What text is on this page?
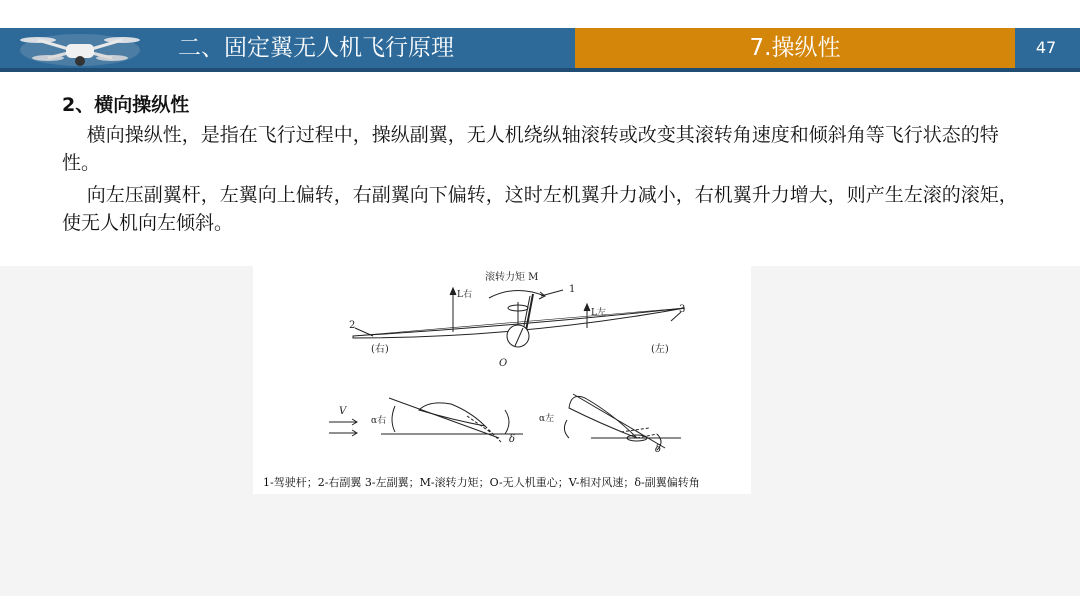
二、固定翼无人机飞行原理	7.操纵性	47

2、横向操纵性

横向操纵性，是指在飞行过程中，操纵副翼，无人机绕纵轴滚转或改变其滚转角速度和倾斜角等飞行状态的特性。

向左压副翼杆，左翼向上偏转，右副翼向下偏转，这时左机翼升力减小，右机翼升力增大，则产生左滚的滚矩，使无人机向左倾斜。

滚转力矩 M
1
O
L右
L左
2
3
(右)	(左)
V
α右
δ
α左
δ
1-驾驶杆；2-右副翼 3-左副翼；M-滚转力矩；O-无人机重心；V-相对风速；δ-副翼偏转角
